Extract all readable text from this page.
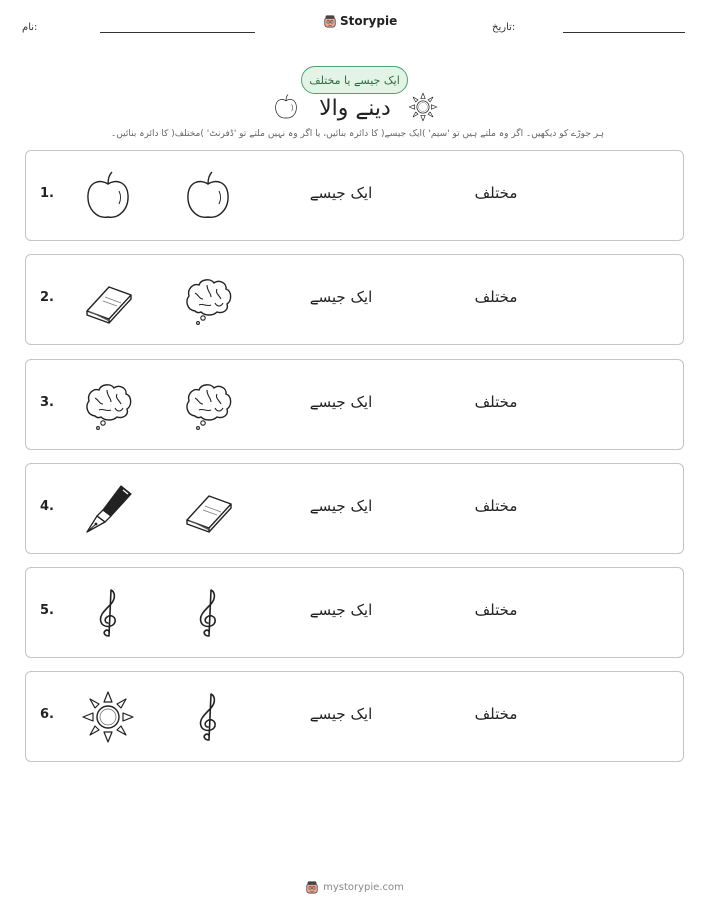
نام:	Storypie	تاریخ:
ایک جیسے یا مختلف
دینے والا
ہر جوڑے کو دیکھیں۔ اگر وہ ملتے ہیں تو 'سیم' )ایک جیسے( کا دائرہ بنائیں، یا اگر وہ نہیں ملتے تو 'ڈفرنٹ' )مختلف( کا دائرہ بنائیں۔
1.	ایک جیسے	مختلف
2.	ایک جیسے	مختلف
3.	ایک جیسے	مختلف
4.	ایک جیسے	مختلف
5.	ایک جیسے	مختلف
6.	ایک جیسے	مختلف
mystorypie.com
